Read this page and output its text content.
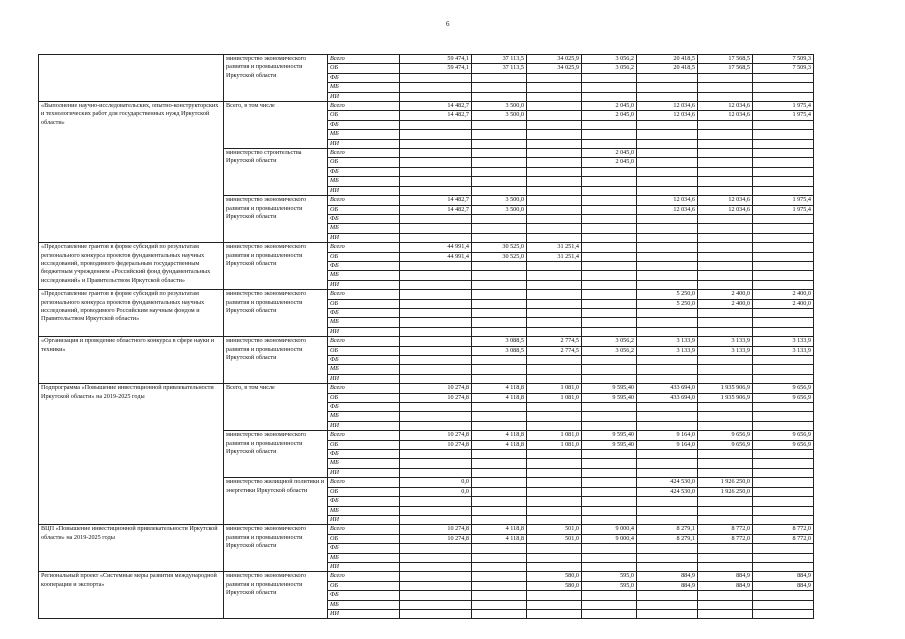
6
	министерство экономического развития и промышленности Иркутской области	Всего	59 474,1	37 113,5	34 025,9	3 056,2	20 418,5	17 568,5	7 509,3
		ОБ	59 474,1	37 113,5	34 025,9	3 056,2	20 418,5	17 568,5	7 509,3
		ФБ							
		МБ							
		ИИ							
«Выполнение научно-исследовательских, опытно-конструкторских и технологических работ для государственных нужд Иркутской области»	Всего, в том числе	Всего	14 482,7	3 500,0		2 045,0	12 034,6	12 034,6	1 975,4
		ОБ	14 482,7	3 500,0		2 045,0	12 034,6	12 034,6	1 975,4
		ФБ							
		МБ							
		ИИ							
	министерство строительства Иркутской области	Всего				2 045,0			
		ОБ				2 045,0			
		ФБ							
		МБ							
		ИИ							
	министерство экономического развития и промышленности Иркутской области	Всего	14 482,7	3 500,0			12 034,6	12 034,6	1 975,4
		ОБ	14 482,7	3 500,0			12 034,6	12 034,6	1 975,4
		ФБ							
		МБ							
		ИИ							
«Предоставление грантов в форме субсидий по результатам регионального конкурса проектов фундаментальных научных исследований, проводимого федеральным государственным бюджетным учреждением «Российский фонд фундаментальных исследований» и Правительством Иркутской области»	министерство экономического развития и промышленности Иркутской области	Всего	44 991,4	30 525,0	31 251,4				
		ОБ	44 991,4	30 525,0	31 251,4				
		ФБ							
		МБ							
		ИИ							
«Предоставление грантов в форме субсидий по результатам регионального конкурса проектов фундаментальных научных исследований, проводимого Российским научным фондом и Правительством Иркутской области»	министерство экономического развития и промышленности Иркутской области	Всего					5 250,0	2 400,0	2 400,0
		ОБ					5 250,0	2 400,0	2 400,0
		ФБ							
		МБ							
		ИИ							
«Организация и проведение областного конкурса в сфере науки и техники»	министерство экономического развития и промышленности Иркутской области	Всего		3 088,5	2 774,5	3 056,2	3 133,9	3 133,9	3 133,9
		ОБ		3 088,5	2 774,5	3 056,2	3 133,9	3 133,9	3 133,9
		ФБ							
		МБ							
		ИИ							
Подпрограмма «Повышение инвестиционной привлекательности Иркутской области» на 2019-2025 годы	Всего, в том числе	Всего	10 274,8	4 118,8	1 081,0	9 595,40	433 694,0	1 935 906,9	9 656,9
		ОБ	10 274,8	4 118,8	1 081,0	9 595,40	433 694,0	1 935 906,9	9 656,9
		ФБ							
		МБ							
		ИИ							
	министерство экономического развития и промышленности Иркутской области	Всего	10 274,8	4 118,8	1 081,0	9 595,40	9 164,0	9 656,9	9 656,9
		ОБ	10 274,8	4 118,8	1 081,0	9 595,40	9 164,0	9 656,9	9 656,9
		ФБ							
		МБ							
		ИИ							
	министерство жилищной политики и энергетики Иркутской области	Всего	0,0				424 530,0	1 926 250,0	
		ОБ	0,0				424 530,0	1 926 250,0	
		ФБ							
		МБ							
		ИИ							
ВЦП «Повышение инвестиционной привлекательности Иркутской области» на 2019-2025 годы	министерство экономического развития и промышленности Иркутской области	Всего	10 274,8	4 118,8	501,0	9 000,4	8 279,1	8 772,0	8 772,0
		ОБ	10 274,8	4 118,8	501,0	9 000,4	8 279,1	8 772,0	8 772,0
		ФБ							
		МБ							
		ИИ							
Региональный проект «Системные меры развития международной кооперации и экспорта»	министерство экономического развития и промышленности Иркутской области	Всего			580,0	595,0	884,9	884,9	884,9
		ОБ			580,0	595,0	884,9	884,9	884,9
		ФБ							
		МБ							
		ИИ							
